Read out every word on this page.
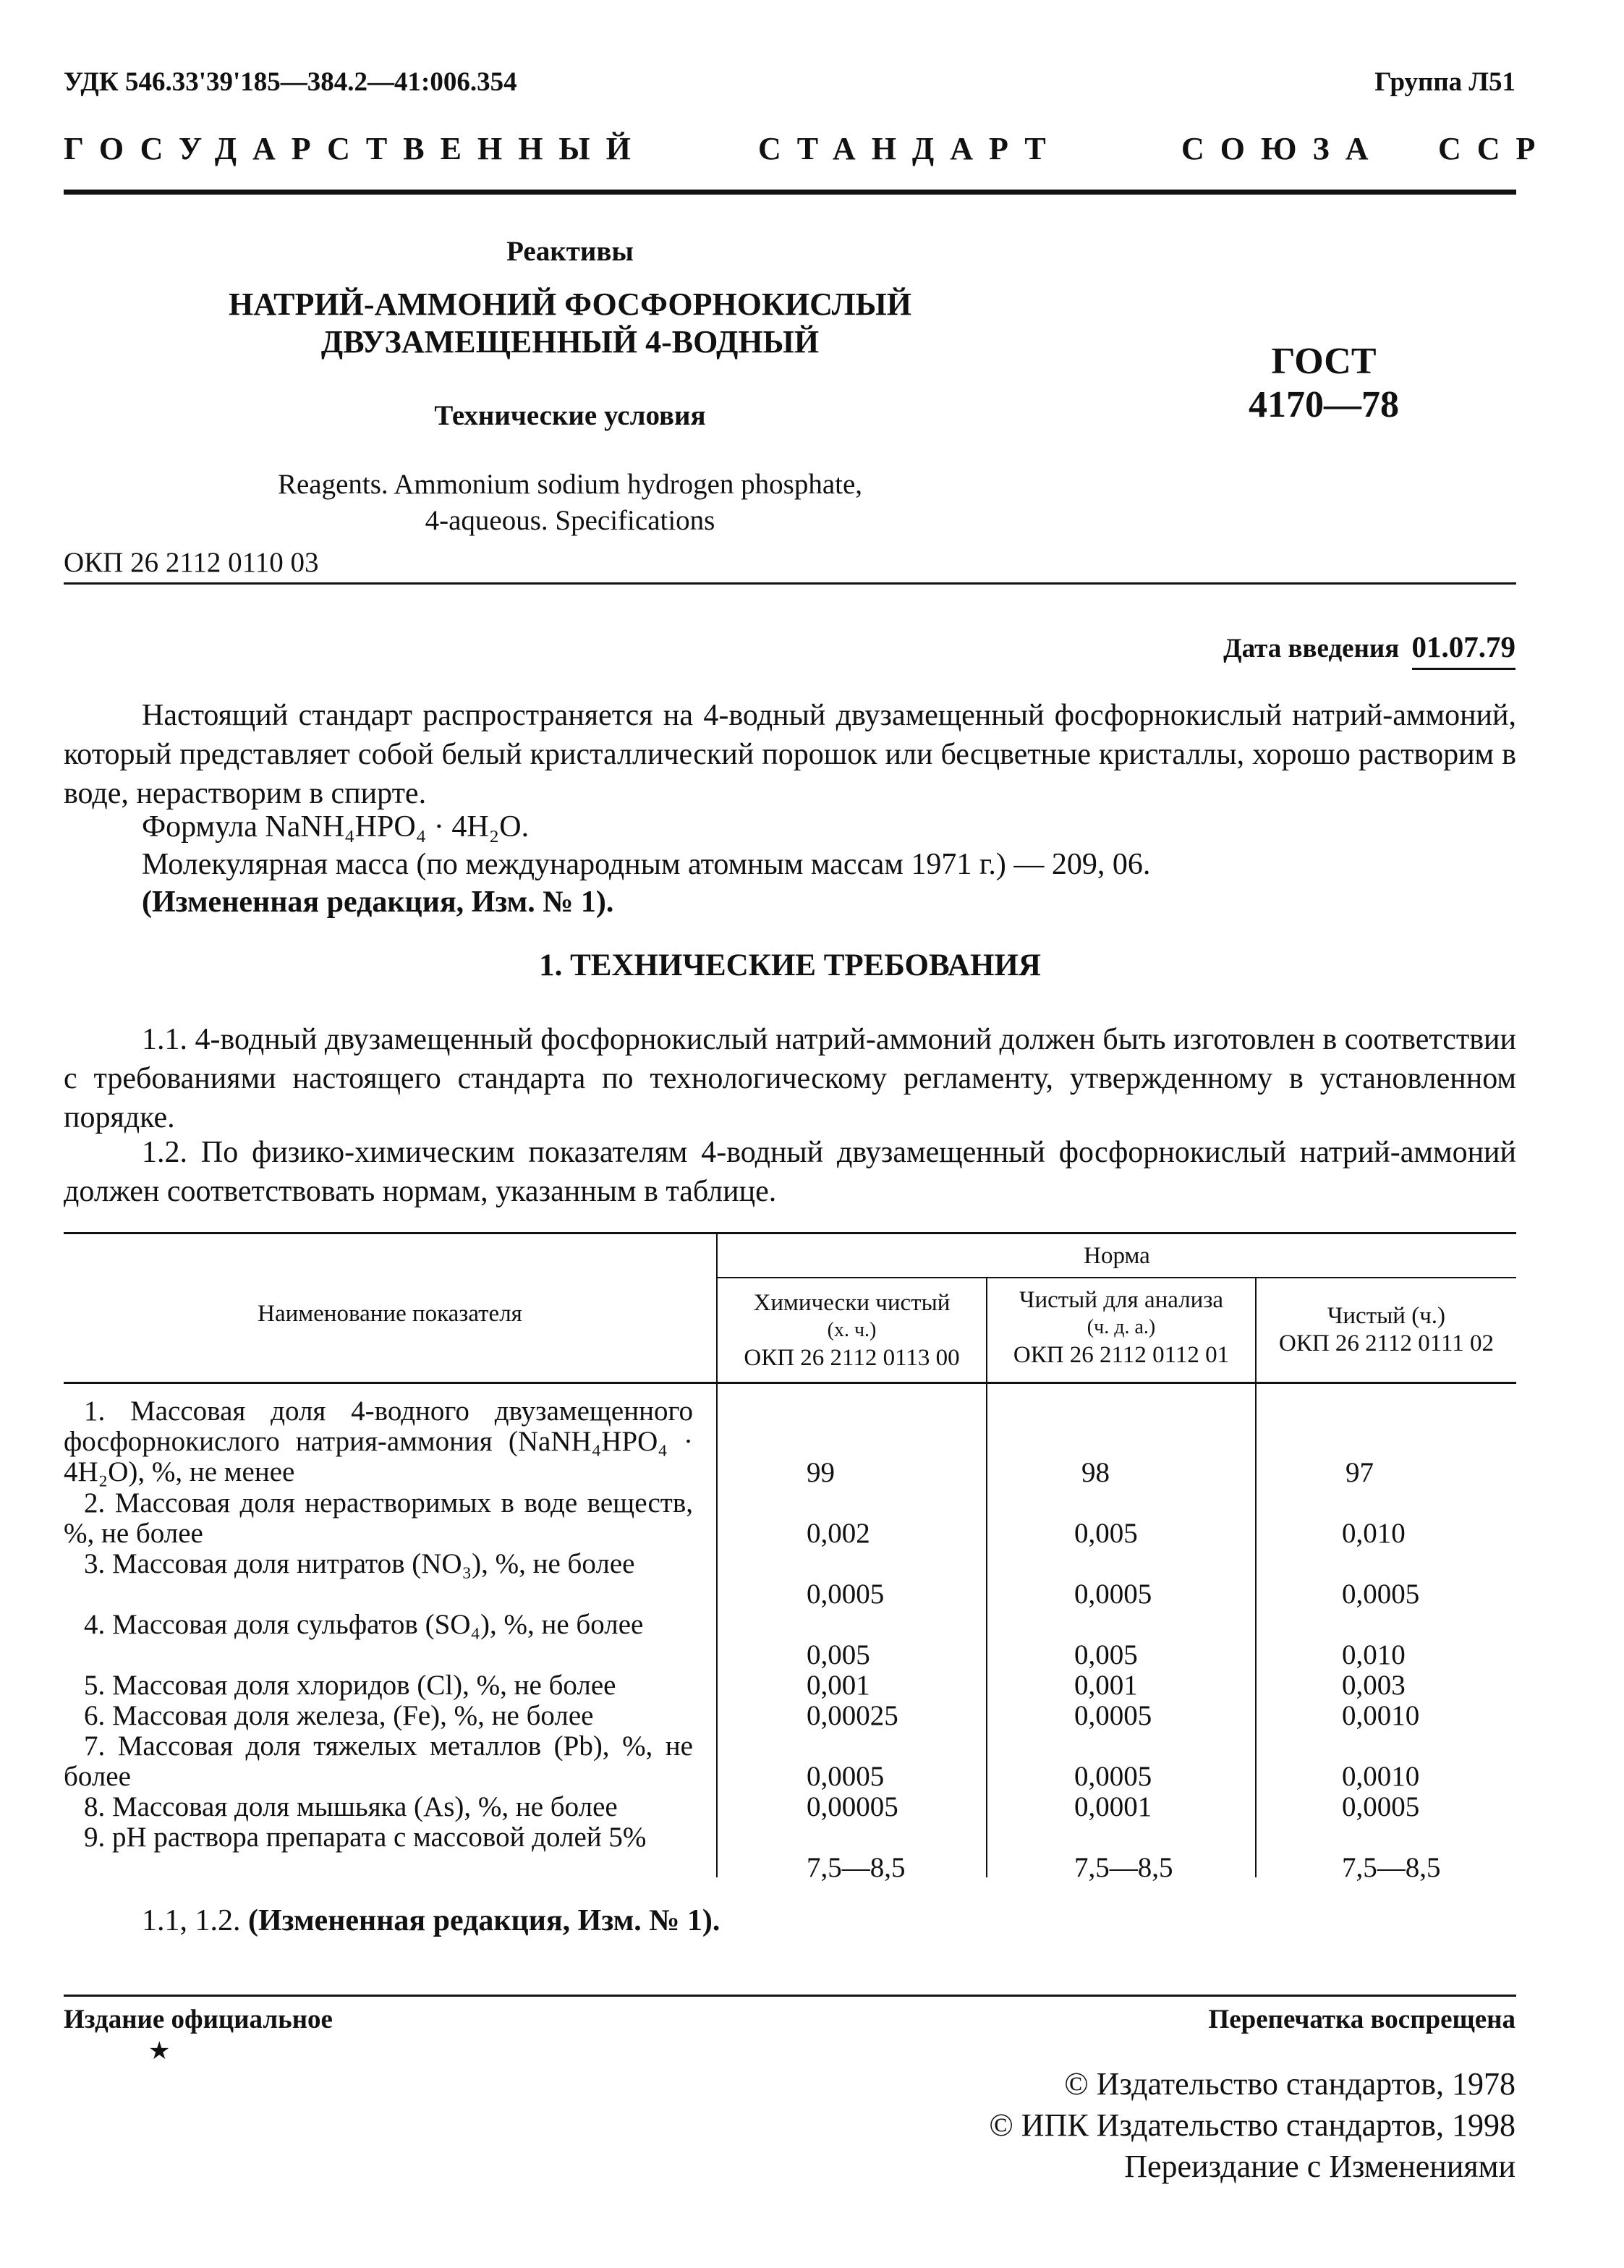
УДК 546.33'39'185—384.2—41:006.354	Группа Л51
ГОСУДАРСТВЕННЫЙ	СТАНДАРТ	СОЮЗА ССР
Реактивы
НАТРИЙ-АММОНИЙ ФОСФОРНОКИСЛЫЙ
ДВУЗАМЕЩЕННЫЙ 4-ВОДНЫЙ
Технические условия
Reagents. Ammonium sodium hydrogen phosphate,
4-aqueous. Specifications
ГОСТ
4170—78
ОКП 26 2112 0110 03
Дата введения 01.07.79
Настоящий стандарт распространяется на 4-водный двузамещенный фосфорнокислый натрий-аммоний, который представляет собой белый кристаллический порошок или бесцветные кристаллы, хорошо растворим в воде, нерастворим в спирте.
Формула NaNH₄HPO₄ · 4H₂O.
Молекулярная масса (по международным атомным массам 1971 г.) — 209, 06.
(Измененная редакция, Изм. № 1).
1. ТЕХНИЧЕСКИЕ ТРЕБОВАНИЯ
1.1. 4-водный двузамещенный фосфорнокислый натрий-аммоний должен быть изготовлен в соответствии с требованиями настоящего стандарта по технологическому регламенту, утвержденному в установленном порядке.
1.2. По физико-химическим показателям 4-водный двузамещенный фосфорнокислый натрий-аммоний должен соответствовать нормам, указанным в таблице.
Наименование показателя
Норма
Химически чистый
(х. ч.)
ОКП 26 2112 0113 00
Чистый для анализа
(ч. д. а.)
ОКП 26 2112 0112 01
Чистый (ч.)
ОКП 26 2112 0111 02
1. Массовая доля 4-водного двузамещенного фосфорнокислого натрия-аммония (NaNH₄HPO₄ · 4H₂O), %, не менее	99	98	97
2. Массовая доля нерастворимых в воде веществ, %, не более	0,002	0,005	0,010
3. Массовая доля нитратов (NO₃), %, не более
0,0005	0,0005	0,0005
4. Массовая доля сульфатов (SO₄), %, не более
0,005	0,005	0,010
5. Массовая доля хлоридов (Cl), %, не более	0,001	0,001	0,003
6. Массовая доля железа, (Fe), %, не более	0,00025	0,0005	0,0010
7. Массовая доля тяжелых металлов (Pb), %, не более	0,0005	0,0005	0,0010
8. Массовая доля мышьяка (As), %, не более	0,00005	0,0001	0,0005
9. pH раствора препарата с массовой долей 5%
7,5—8,5	7,5—8,5	7,5—8,5
1.1, 1.2. (Измененная редакция, Изм. № 1).
Издание официальное
★
Перепечатка воспрещена
© Издательство стандартов, 1978
© ИПК Издательство стандартов, 1998
Переиздание с Изменениями
